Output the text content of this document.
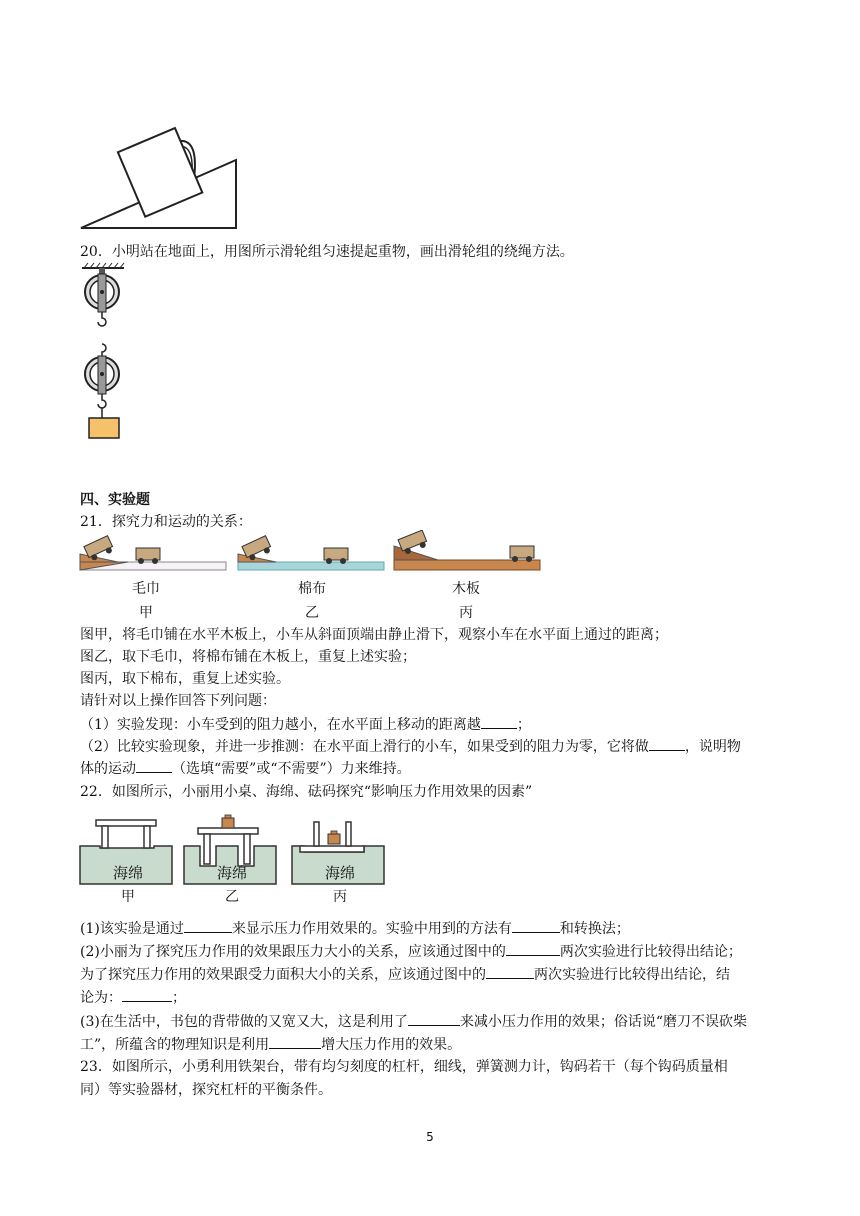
20．小明站在地面上，用图所示滑轮组匀速提起重物，画出滑轮组的绕绳方法。
四、实验题
21．探究力和运动的关系：
毛巾	棉布	木板
甲	乙	丙
图甲，将毛巾铺在水平木板上，小车从斜面顶端由静止滑下，观察小车在水平面上通过的距离；
图乙，取下毛巾，将棉布铺在木板上，重复上述实验；
图丙，取下棉布，重复上述实验。
请针对以上操作回答下列问题：
（1）实验发现：小车受到的阻力越小，在水平面上移动的距离越	；
（2）比较实验现象，并进一步推测：在水平面上滑行的小车，如果受到的阻力为零，它将做	，说明物
体的运动	（选填“需要”或“不需要”）力来维持。
22．如图所示，小丽用小桌、海绵、砝码探究“影响压力作用效果的因素”
海绵	海绵	海绵
甲	乙	丙
(1)该实验是通过	来显示压力作用效果的。实验中用到的方法有	和转换法；
(2)小丽为了探究压力作用的效果跟压力大小的关系，应该通过图中的	两次实验进行比较得出结论；
为了探究压力作用的效果跟受力面积大小的关系，应该通过图中的	两次实验进行比较得出结论，结
论为：	；
(3)在生活中，书包的背带做的又宽又大，这是利用了	来减小压力作用的效果；俗话说“磨刀不误砍柴
工”，所蕴含的物理知识是利用	增大压力作用的效果。
23．如图所示，小勇利用铁架台，带有均匀刻度的杠杆，细线，弹簧测力计，钩码若干（每个钩码质量相
同）等实验器材，探究杠杆的平衡条件。
5
